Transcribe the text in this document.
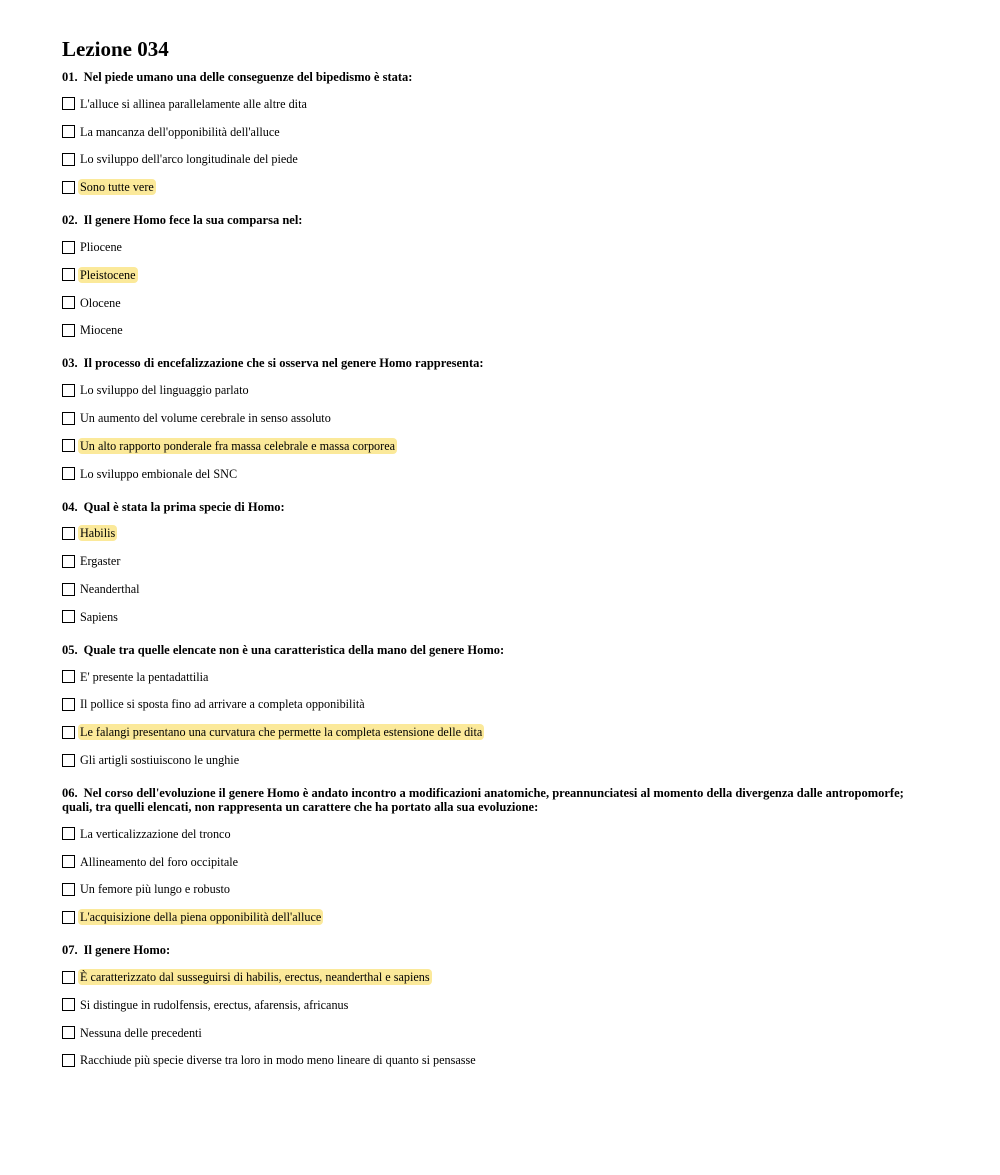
Lezione 034
01. Nel piede umano una delle conseguenze del bipedismo è stata:
L'alluce si allinea parallelamente alle altre dita
La mancanza dell'opponibilità dell'alluce
Lo sviluppo dell'arco longitudinale del piede
Sono tutte vere
02. Il genere Homo fece la sua comparsa nel:
Pliocene
Pleistocene
Olocene
Miocene
03. Il processo di encefalizzazione che si osserva nel genere Homo rappresenta:
Lo sviluppo del linguaggio parlato
Un aumento del volume cerebrale in senso assoluto
Un alto rapporto ponderale fra massa celebrale e massa corporea
Lo sviluppo embionale del SNC
04. Qual è stata la prima specie di Homo:
Habilis
Ergaster
Neanderthal
Sapiens
05. Quale tra quelle elencate non è una caratteristica della mano del genere Homo:
E' presente la pentadattilia
Il pollice si sposta fino ad arrivare a completa opponibilità
Le falangi presentano una curvatura che permette la completa estensione delle dita
Gli artigli sostiuiscono le unghie
06. Nel corso dell'evoluzione il genere Homo è andato incontro a modificazioni anatomiche, preannunciatesi al momento della divergenza dalle antropomorfe; quali, tra quelli elencati, non rappresenta un carattere che ha portato alla sua evoluzione:
La verticalizzazione del tronco
Allineamento del foro occipitale
Un femore più lungo e robusto
L'acquisizione della piena opponibilità dell'alluce
07. Il genere Homo:
È caratterizzato dal susseguirsi di habilis, erectus, neanderthal e sapiens
Si distingue in rudolfensis, erectus, afarensis, africanus
Nessuna delle precedenti
Racchiude più specie diverse tra loro in modo meno lineare di quanto si pensasse
